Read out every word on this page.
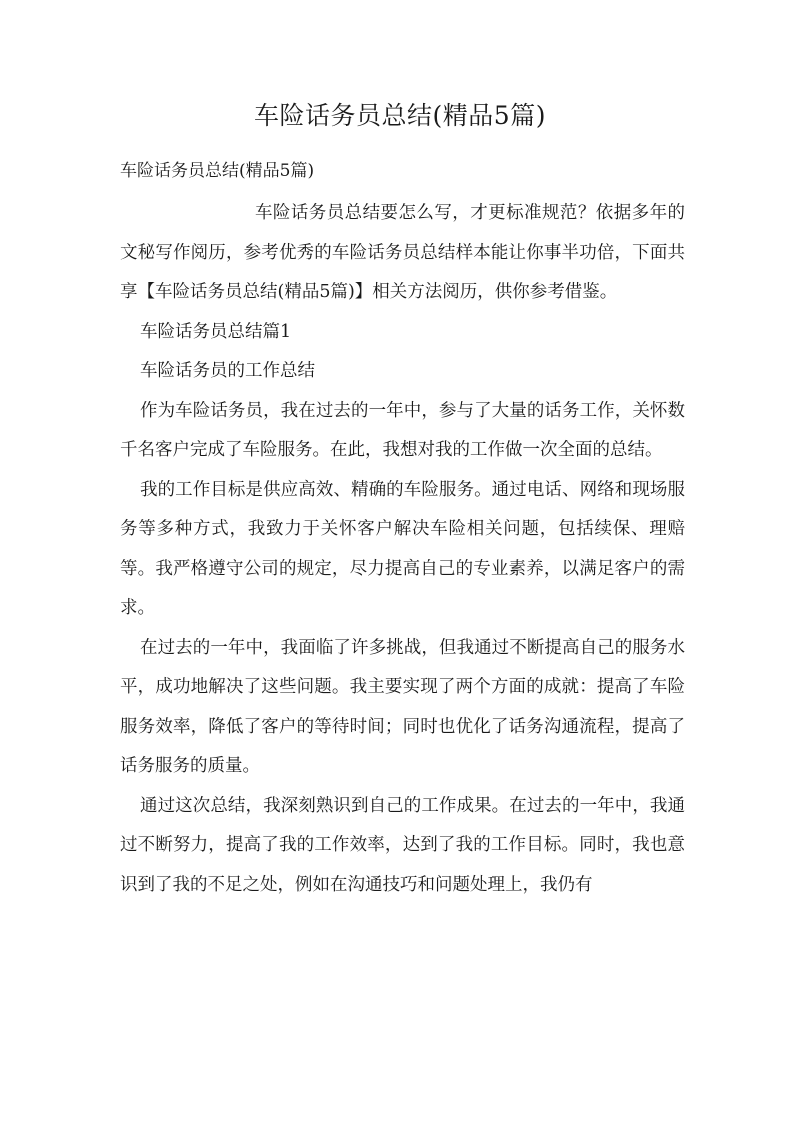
车险话务员总结(精品5篇)

车险话务员总结(精品5篇)

车险话务员总结要怎么写，才更标准规范？依据多年的文秘写作阅历，参考优秀的车险话务员总结样本能让你事半功倍，下面共享【车险话务员总结(精品5篇)】相关方法阅历，供你参考借鉴。

车险话务员总结篇1

车险话务员的工作总结

作为车险话务员，我在过去的一年中，参与了大量的话务工作，关怀数千名客户完成了车险服务。在此，我想对我的工作做一次全面的总结。

我的工作目标是供应高效、精确的车险服务。通过电话、网络和现场服务等多种方式，我致力于关怀客户解决车险相关问题，包括续保、理赔等。我严格遵守公司的规定，尽力提高自己的专业素养，以满足客户的需求。

在过去的一年中，我面临了许多挑战，但我通过不断提高自己的服务水平，成功地解决了这些问题。我主要实现了两个方面的成就：提高了车险服务效率，降低了客户的等待时间；同时也优化了话务沟通流程，提高了话务服务的质量。

通过这次总结，我深刻熟识到自己的工作成果。在过去的一年中，我通过不断努力，提高了我的工作效率，达到了我的工作目标。同时，我也意识到了我的不足之处，例如在沟通技巧和问题处理上，我仍有
